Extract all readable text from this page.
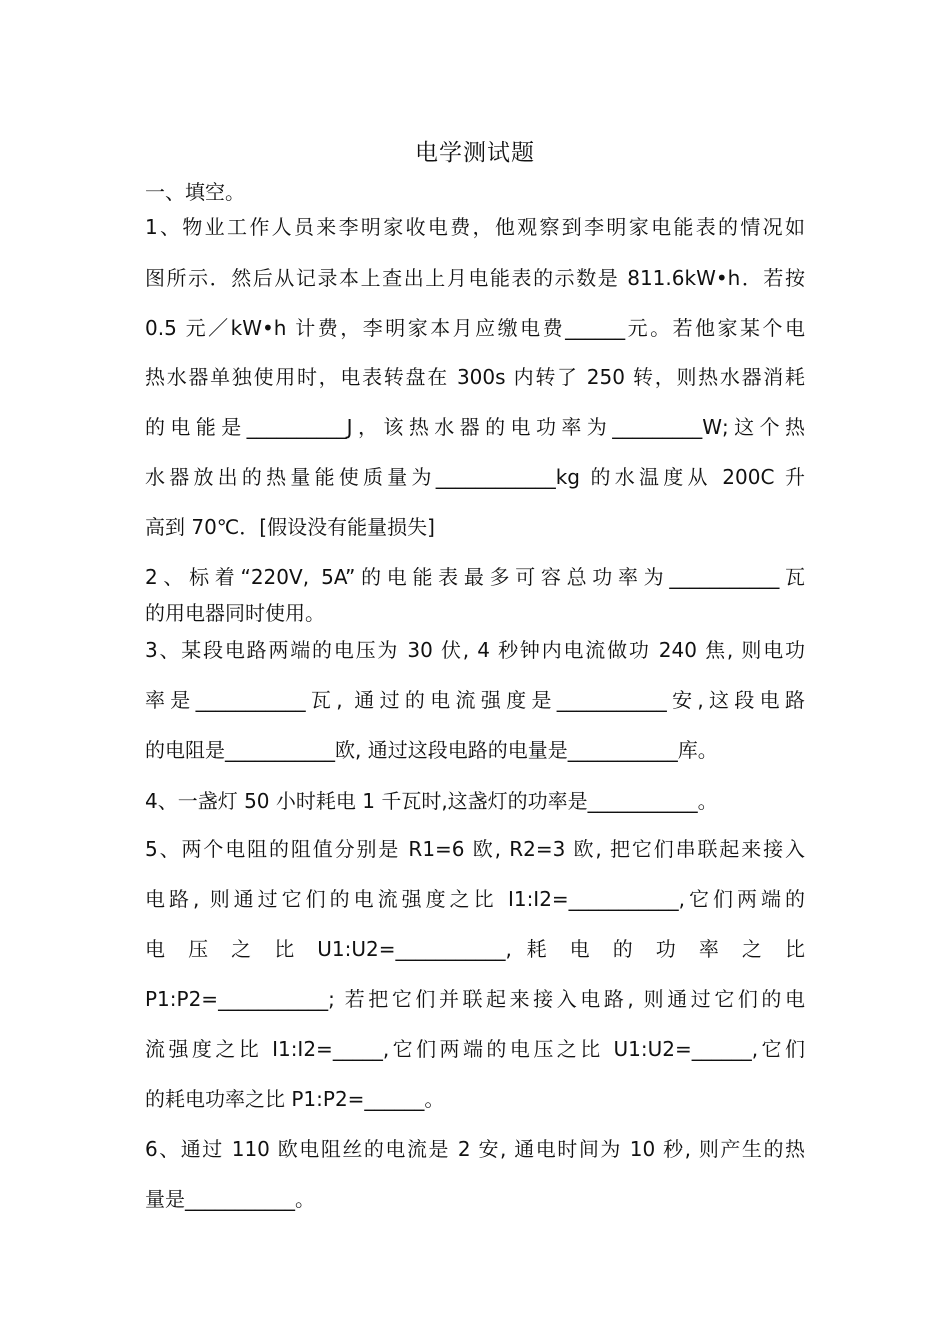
电学测试题
一、填空。
1、物业工作人员来李明家收电费，他观察到李明家电能表的情况如
图所示．然后从记录本上查出上月电能表的示数是 811.6kW•h．若按
0.5 元／kW•h 计费，李明家本月应缴电费______元。若他家某个电
热水器单独使用时，电表转盘在 300s 内转了 250 转，则热水器消耗
的电能是__________J，该热水器的电功率为_________W;这个热
水器放出的热量能使质量为____________kg 的水温度从 200C 升
高到 70℃．[假设没有能量损失]
2、标着“220V, 5A”的电能表最多可容总功率为___________瓦
的用电器同时使用。
3、某段电路两端的电压为 30 伏, 4 秒钟内电流做功 240 焦, 则电功
率是___________瓦, 通过的电流强度是___________安,这段电路
的电阻是___________欧, 通过这段电路的电量是___________库。
4、一盏灯 50 小时耗电 1 千瓦时,这盏灯的功率是___________。
5、两个电阻的阻值分别是 R1=6 欧, R2=3 欧, 把它们串联起来接入
电路, 则通过它们的电流强度之比 I1:I2=___________,它们两端的
电 压 之 比 U1:U2=___________, 耗 电 的 功 率 之 比
P1:P2=___________; 若把它们并联起来接入电路, 则通过它们的电
流强度之比 I1:I2=_____,它们两端的电压之比 U1:U2=______,它们
的耗电功率之比 P1:P2=______。
6、通过 110 欧电阻丝的电流是 2 安, 通电时间为 10 秒, 则产生的热
量是___________。
